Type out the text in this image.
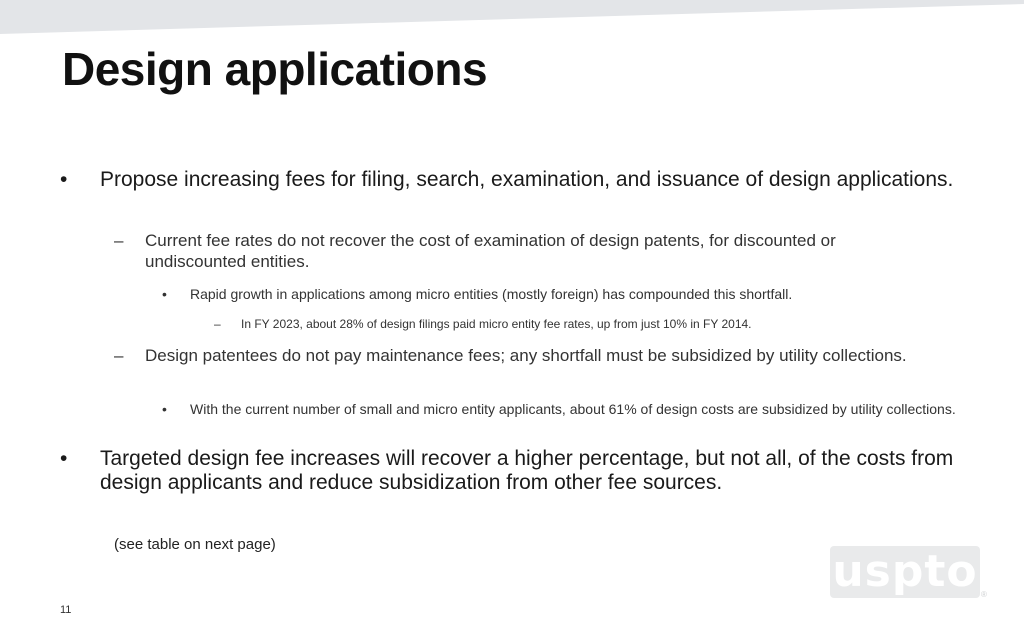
Design applications
•	Propose increasing fees for filing, search, examination, and issuance of design applications.
–	Current fee rates do not recover the cost of examination of design patents, for discounted or undiscounted entities.
•	Rapid growth in applications among micro entities (mostly foreign) has compounded this shortfall.
–	In FY 2023, about 28% of design filings paid micro entity fee rates, up from just 10% in FY 2014.
–	Design patentees do not pay maintenance fees; any shortfall must be subsidized by utility collections.
•	With the current number of small and micro entity applicants, about 61% of design costs are subsidized by utility collections.
•	Targeted design fee increases will recover a higher percentage, but not all, of the costs from design applicants and reduce subsidization from other fee sources.
(see table on next page)
11
uspto ®
